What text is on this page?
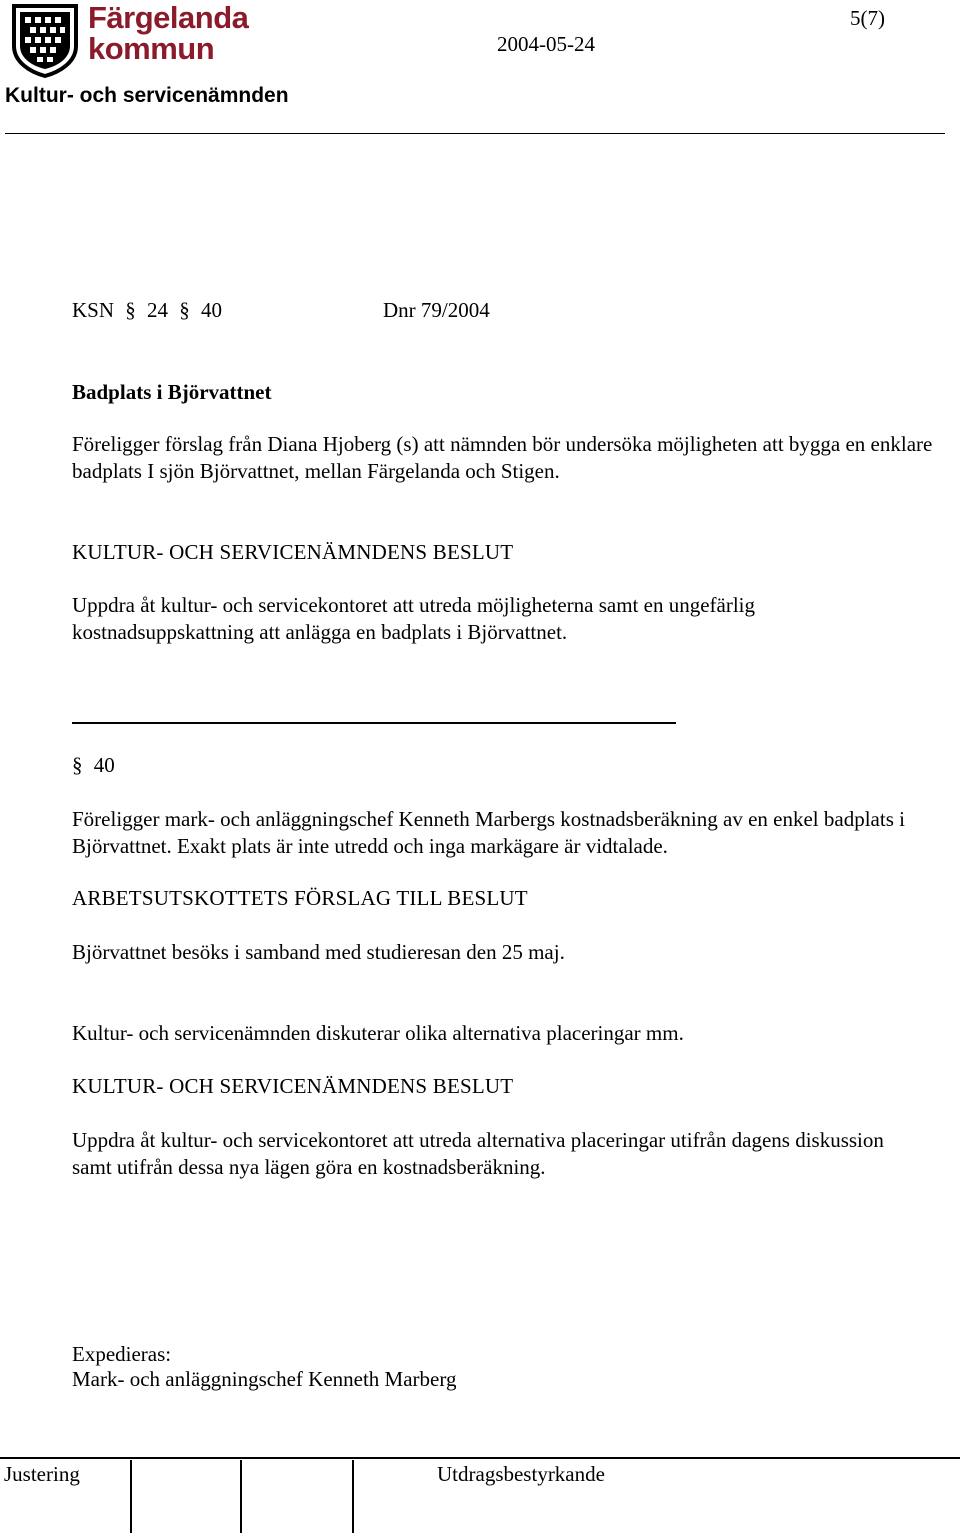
Färgelanda
kommun
5(7)
2004-05-24
Kultur- och servicenämnden
KSN § 24 § 40	Dnr 79/2004
Badplats i Björvattnet
Föreligger förslag från Diana Hjoberg (s) att nämnden bör undersöka möjligheten att bygga en enklare badplats I sjön Björvattnet, mellan Färgelanda och Stigen.
KULTUR- OCH SERVICENÄMNDENS BESLUT
Uppdra åt kultur- och servicekontoret att utreda möjligheterna samt en ungefärlig kostnadsuppskattning att anlägga en badplats i Björvattnet.
§ 40
Föreligger mark- och anläggningschef Kenneth Marbergs kostnadsberäkning av en enkel badplats i Björvattnet. Exakt plats är inte utredd och inga markägare är vidtalade.
ARBETSUTSKOTTETS FÖRSLAG TILL BESLUT
Björvattnet besöks i samband med studieresan den 25 maj.
Kultur- och servicenämnden diskuterar olika alternativa placeringar mm.
KULTUR- OCH SERVICENÄMNDENS BESLUT
Uppdra åt kultur- och servicekontoret att utreda alternativa placeringar utifrån dagens diskussion samt utifrån dessa nya lägen göra en kostnadsberäkning.
Expedieras:
Mark- och anläggningschef Kenneth Marberg
Justering	Utdragsbestyrkande
